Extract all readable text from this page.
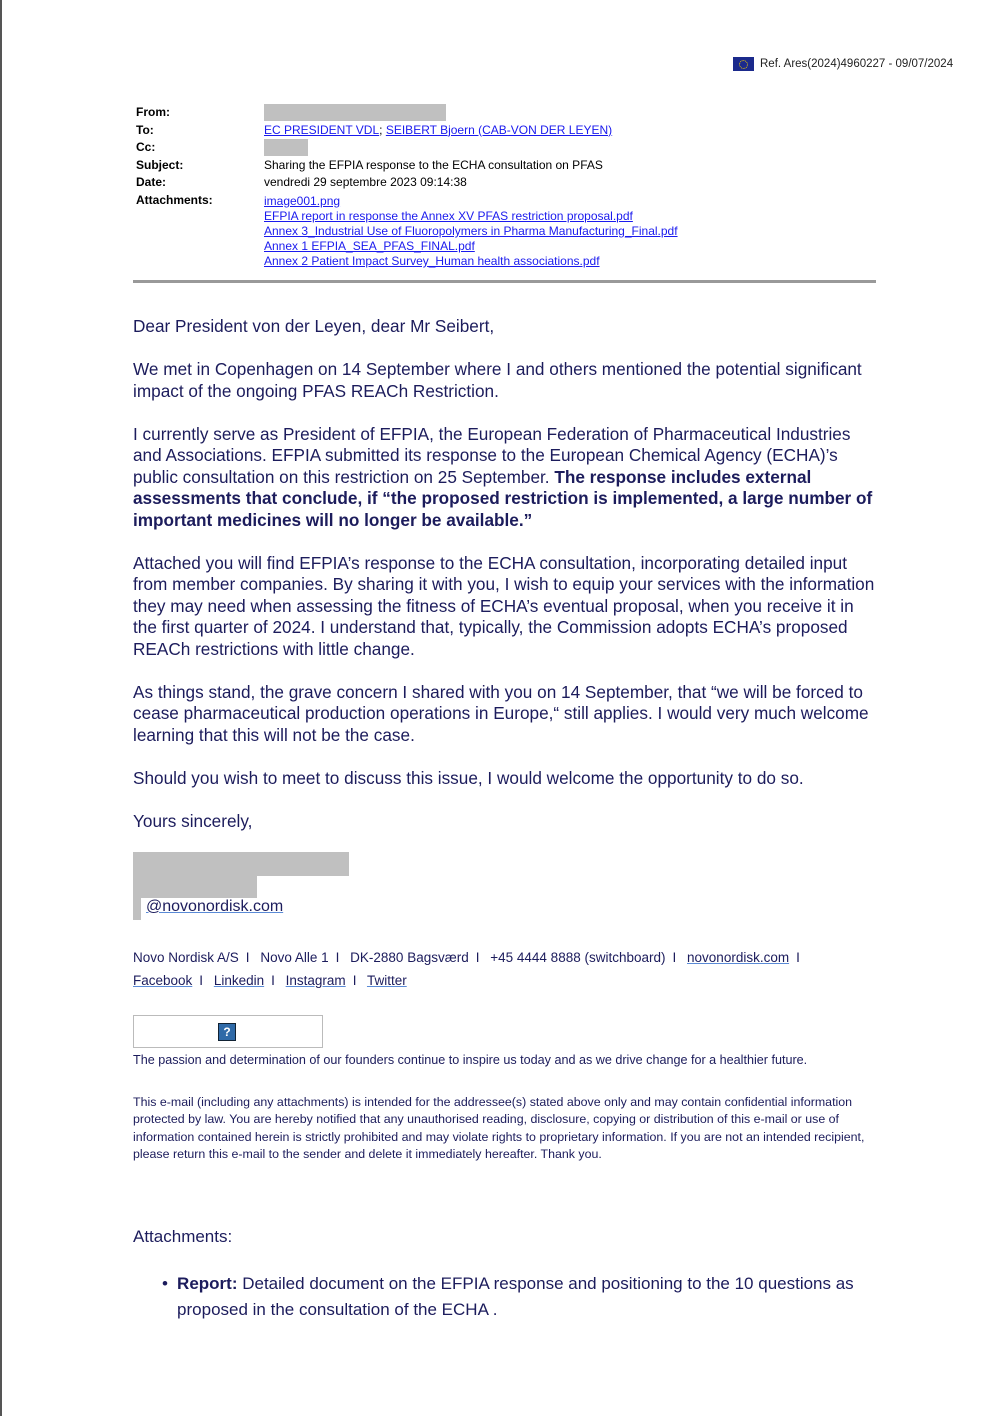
Ref. Ares(2024)4960227 - 09/07/2024
From:
To:	EC PRESIDENT VDL; SEIBERT Bjoern (CAB-VON DER LEYEN)
Cc:
Subject:	Sharing the EFPIA response to the ECHA consultation on PFAS
Date:	vendredi 29 septembre 2023 09:14:38
Attachments:	image001.png
EFPIA report in response the Annex XV PFAS restriction proposal.pdf
Annex 3_Industrial Use of Fluoropolymers in Pharma Manufacturing_Final.pdf
Annex 1 EFPIA_SEA_PFAS_FINAL.pdf
Annex 2 Patient Impact Survey_Human health associations.pdf

Dear President von der Leyen, dear Mr Seibert,

We met in Copenhagen on 14 September where I and others mentioned the potential significant impact of the ongoing PFAS REACh Restriction.

I currently serve as President of EFPIA, the European Federation of Pharmaceutical Industries and Associations. EFPIA submitted its response to the European Chemical Agency (ECHA)’s public consultation on this restriction on 25 September. The response includes external assessments that conclude, if “the proposed restriction is implemented, a large number of important medicines will no longer be available.”

Attached you will find EFPIA’s response to the ECHA consultation, incorporating detailed input from member companies. By sharing it with you, I wish to equip your services with the information they may need when assessing the fitness of ECHA’s eventual proposal, when you receive it in the first quarter of 2024. I understand that, typically, the Commission adopts ECHA’s proposed REACh restrictions with little change.

As things stand, the grave concern I shared with you on 14 September, that “we will be forced to cease pharmaceutical production operations in Europe,“ still applies. I would very much welcome learning that this will not be the case.

Should you wish to meet to discuss this issue, I would welcome the opportunity to do so.

Yours sincerely,

@novonordisk.com
Novo Nordisk A/S I Novo Alle 1 I DK-2880 Bagsværd I +45 4444 8888 (switchboard) I novonordisk.com I
Facebook I Linkedin I Instagram I Twitter
?
The passion and determination of our founders continue to inspire us today and as we drive change for a healthier future.
This e-mail (including any attachments) is intended for the addressee(s) stated above only and may contain confidential information protected by law. You are hereby notified that any unauthorised reading, disclosure, copying or distribution of this e-mail or use of information contained herein is strictly prohibited and may violate rights to proprietary information. If you are not an intended recipient, please return this e-mail to the sender and delete it immediately hereafter. Thank you.
Attachments:
• Report: Detailed document on the EFPIA response and positioning to the 10 questions as proposed in the consultation of the ECHA .
